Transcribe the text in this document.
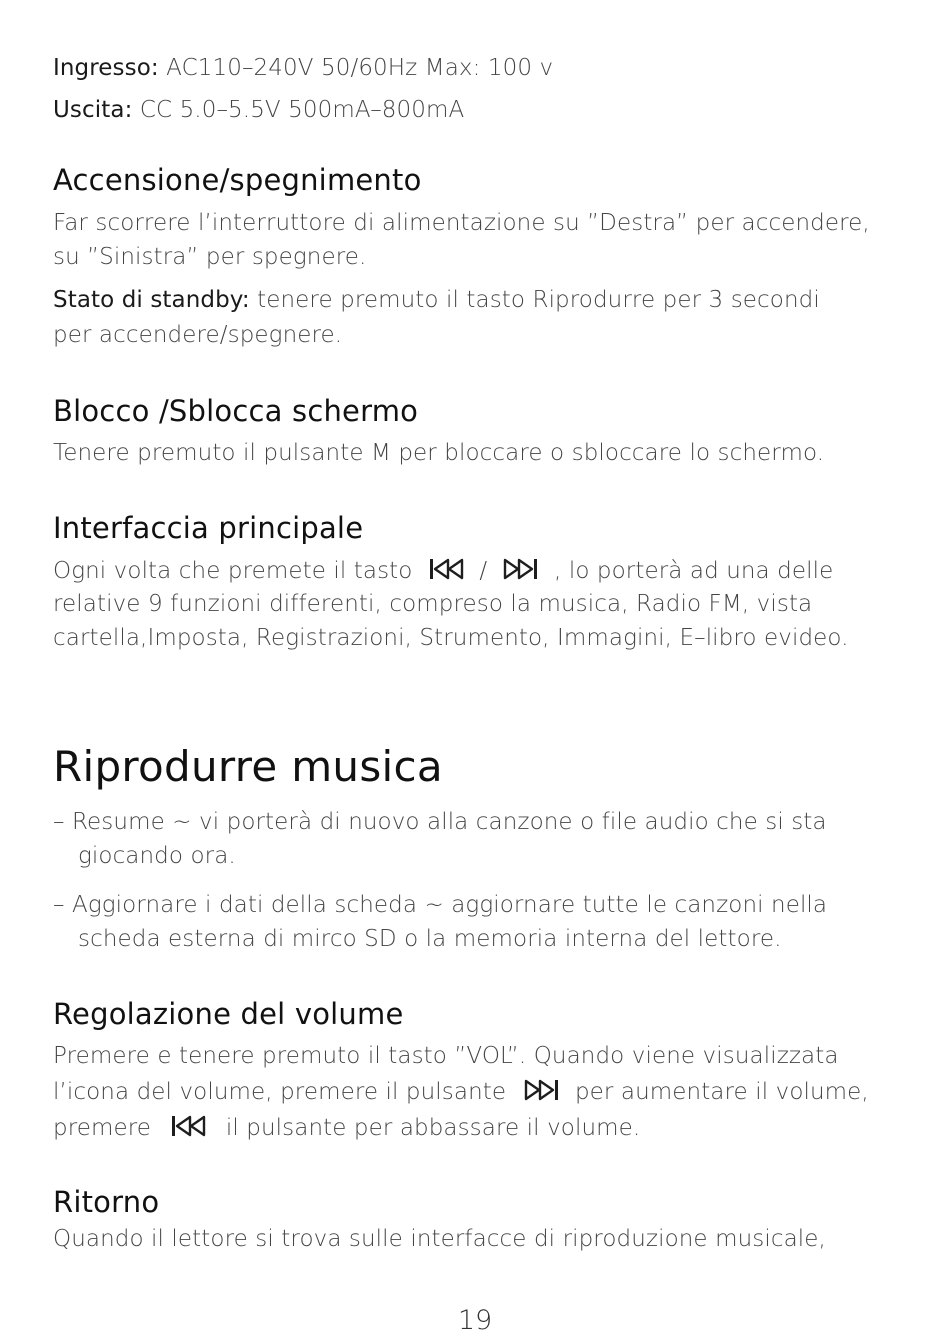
Ingresso: AC110–240V 50/60Hz Max: 100 v
Uscita: CC 5.0–5.5V 500mA–800mA
Accensione/spegnimento
Far scorrere l’interruttore di alimentazione su ”Destra” per accendere,
su ”Sinistra” per spegnere.
Stato di standby: tenere premuto il tasto Riprodurre per 3 secondi
per accendere/spegnere.
Blocco /Sblocca schermo
Tenere premuto il pulsante M per bloccare o sbloccare lo schermo.
Interfaccia principale
Ogni volta che premete il tasto	/	, lo porterà ad una delle
relative 9 funzioni differenti, compreso la musica, Radio FM, vista
cartella,Imposta, Registrazioni, Strumento, Immagini, E–libro evideo.
Riprodurre musica
– Resume ~ vi porterà di nuovo alla canzone o file audio che si sta
giocando ora.
– Aggiornare i dati della scheda ~ aggiornare tutte le canzoni nella
scheda esterna di mirco SD o la memoria interna del lettore.
Regolazione del volume
Premere e tenere premuto il tasto ”VOL”. Quando viene visualizzata
l’icona del volume, premere il pulsante	per aumentare il volume,
premere	il pulsante per abbassare il volume.
Ritorno
Quando il lettore si trova sulle interfacce di riproduzione musicale,
19
